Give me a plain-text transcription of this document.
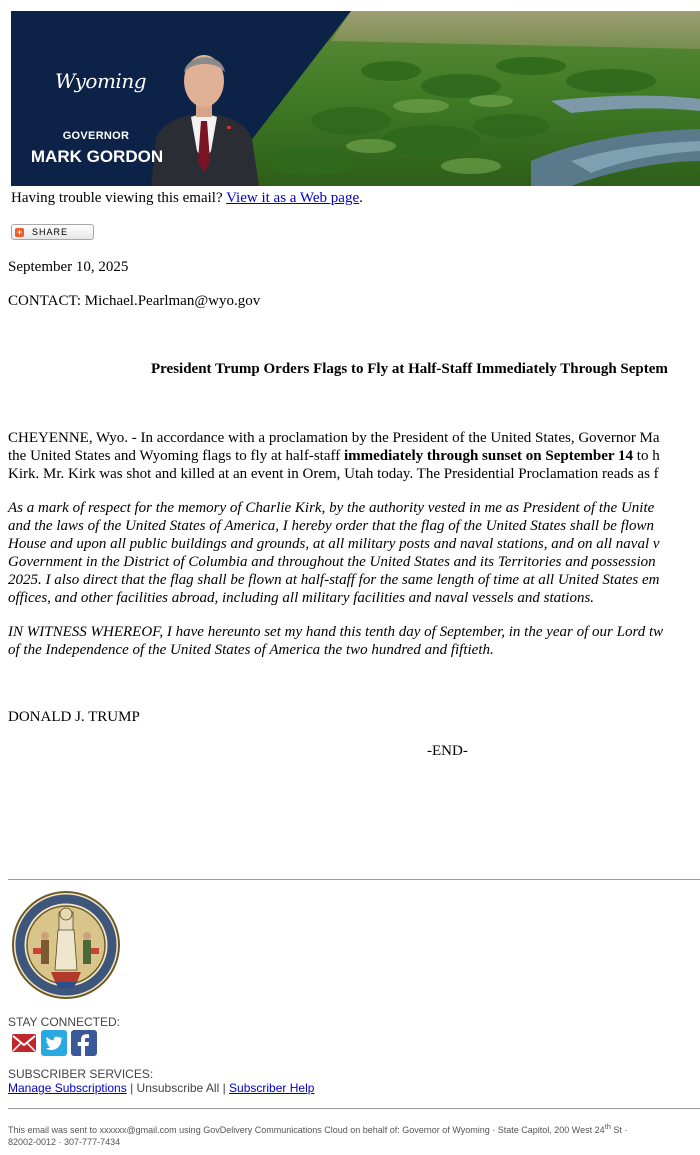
Wyoming
GOVERNOR
MARK GORDON
Having trouble viewing this email? View it as a Web page.
+ SHARE
September 10, 2025
CONTACT: Michael.Pearlman@wyo.gov
President Trump Orders Flags to Fly at Half-Staff Immediately Through Septem
CHEYENNE, Wyo. - In accordance with a proclamation by the President of the United States, Governor Ma
the United States and Wyoming flags to fly at half-staff immediately through sunset on September 14 to h
Kirk. Mr. Kirk was shot and killed at an event in Orem, Utah today. The Presidential Proclamation reads as f
As a mark of respect for the memory of Charlie Kirk, by the authority vested in me as President of the Unite
and the laws of the United States of America, I hereby order that the flag of the United States shall be flown
House and upon all public buildings and grounds, at all military posts and naval stations, and on all naval v
Government in the District of Columbia and throughout the United States and its Territories and possession
2025. I also direct that the flag shall be flown at half-staff for the same length of time at all United States em
offices, and other facilities abroad, including all military facilities and naval vessels and stations.
IN WITNESS WHEREOF, I have hereunto set my hand this tenth day of September, in the year of our Lord tw
of the Independence of the United States of America the two hundred and fiftieth.
DONALD J. TRUMP
-END-
STAY CONNECTED:
SUBSCRIBER SERVICES:
Manage Subscriptions | Unsubscribe All | Subscriber Help
This email was sent to xxxxxx@gmail.com using GovDelivery Communications Cloud on behalf of: Governor of Wyoming · State Capitol, 200 West 24th St ·
82002-0012 · 307-777-7434
